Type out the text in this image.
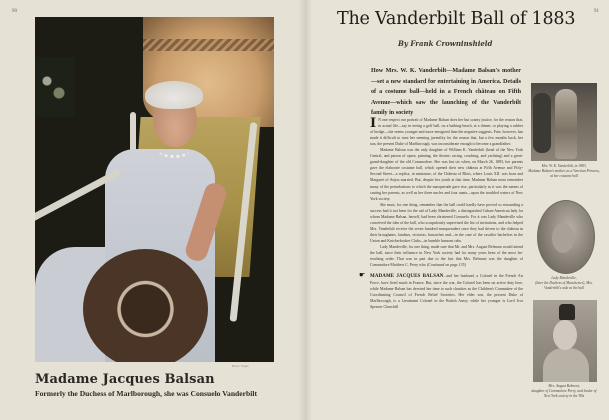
90
Horst / Vogue
Madame Jacques Balsan
Formerly the Duchess of Marlborough, she was Consuelo Vanderbilt
91
The Vanderbilt Ball of 1883
By Frank Crowninshield
How Mrs. W. K. Vanderbilt—Madame Balsan's mother—set a new standard for entertaining in America. Details of a costume ball—held in a French château on Fifth Avenue—which saw the launching of the Vanderbilt family in society

I N one respect our portrait of Madame Balsan does her but scanty justice, for the reason that, in actual life—say in teeing a golf ball, on a bathing-beach, at a dinner, or playing a rubber of bridge—she seems younger and more energized than the negative suggests. Fate, however, has made it difficult to trust her seeming juvenility for the reason that, but a few months back, her son, the present Duke of Marlborough, was inconsiderate enough to become a grandfather.

Madame Balsan was the only daughter of William K. Vanderbilt (head of the New York Central, and patron of opera, painting, the theatre, racing, coaching, and yachting) and a great-grand-daughter of the old Commodore. She was but six when, on March 26, 1883, her parents gave the elaborate costume ball, which opened their new château at Fifth Avenue and Fifty-Second Street—a replica, in miniature, of the Château of Blois, where Louis XII. was born and Margaret of Anjou married. But, despite her youth at that time, Madame Balsan must remember many of the perturbations to which the masquerade gave rise, particularly as it was the means of casting her parents, as well as her three uncles and four aunts—upon the troubled waters of New York society.

She must, for one thing, remember that the ball could hardly have proved so resounding a success had it not been for the aid of Lady Mandeville, a distinguished Cuban-American lady for whom Madame Balsan, herself, had been christened Consuelo. For it was Lady Mandeville who conceived the idea of the ball, who scrupulously supervised the list of invitations, and who helped Mrs. Vanderbilt receive the seven hundred masqueraders once they had driven to the château in their broughams, landaus, victorias, barouches and—in the case of the cavalier bachelors in the Union and Knickerbocker Clubs—in humble hansom cabs.

Lady Mandeville, for one thing, made sure that Mr. and Mrs. August Belmont would attend the ball, since their influence in New York society had for many years been of the most far-reaching order. That was in part due to the fact that Mrs. Belmont was the daughter of Commodore Matthew C. Perry who (Continued on page 135)

☛ MADAME JACQUES BALSAN...and her husband, a Colonel in the French Air Force, have lived much in France. But, since the war, the Colonel has been on active duty here, while Madame Balsan has devoted her time to such charities as the Children's Committee of the Coordinating Council of French Relief Societies. Her elder son, the present Duke of Marlborough, is a Lieutenant Colonel in the British Army; while her younger is Lord Ivor Spencer Churchill

Mrs. W. K. Vanderbilt, in 1883,
Madame Balsan's mother, as a Venetian Princess, at her costume ball
Lady Mandeville,
(later the Duchess of Manchester), Mrs. Vanderbilt's aide at the ball
Mrs. August Belmont,
daughter of Commodore Perry, and leader of New York society in the '80s
